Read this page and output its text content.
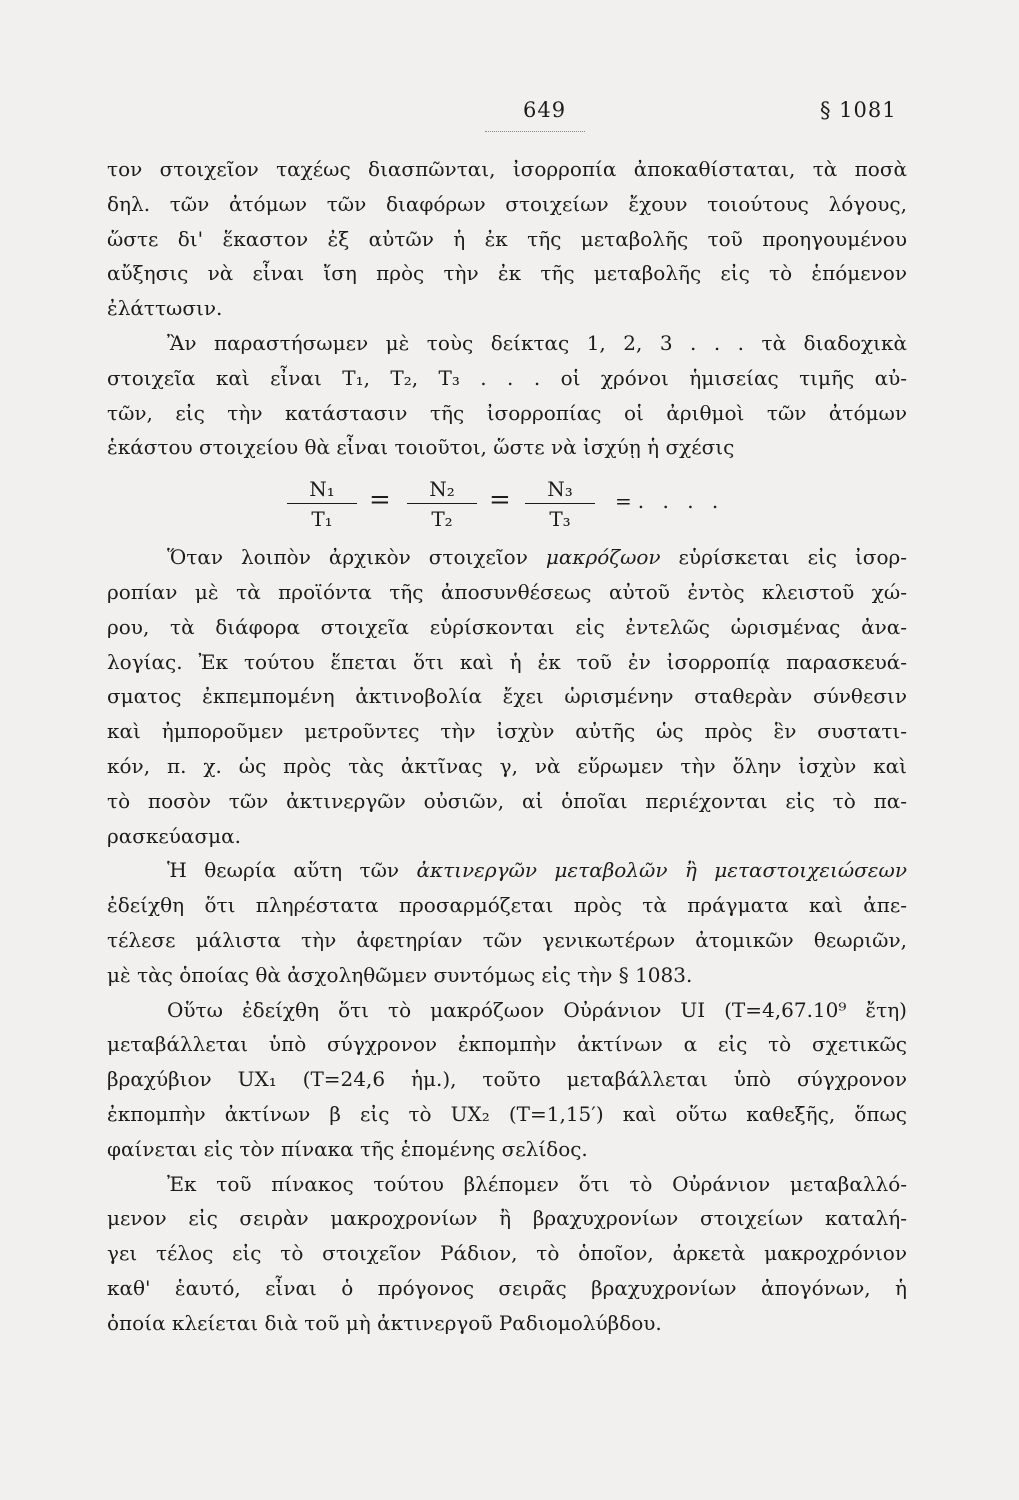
649	§ 1081
τον στοιχεῖον ταχέως διασπῶνται, ἰσορροπία ἀποκαθίσταται, τὰ ποσὰ
δηλ. τῶν ἀτόμων τῶν διαφόρων στοιχείων ἔχουν τοιούτους λόγους,
ὥστε δι' ἕκαστον ἐξ αὐτῶν ἡ ἐκ τῆς μεταβολῆς τοῦ προηγουμένου
αὔξησις νὰ εἶναι ἴση πρὸς τὴν ἐκ τῆς μεταβολῆς εἰς τὸ ἑπόμενον
ἐλάττωσιν.
Ἂν παραστήσωμεν μὲ τοὺς δείκτας 1, 2, 3 . . . τὰ διαδοχικὰ
στοιχεῖα καὶ εἶναι T₁, T₂, T₃ . . . οἱ χρόνοι ἡμισείας τιμῆς αὐ-
τῶν, εἰς τὴν κατάστασιν τῆς ἰσορροπίας οἱ ἀριθμοὶ τῶν ἀτόμων
ἑκάστου στοιχείου θὰ εἶναι τοιοῦτοι, ὥστε νὰ ἰσχύῃ ἡ σχέσις
$\frac{\text{N₁}}{\text{T₁}} = \frac{\text{N₂}}{\text{T₂}} = \frac{\text{N₃}}{\text{T₃}}$ =. . . .
Ὅταν λοιπὸν ἀρχικὸν στοιχεῖον μακρόζωον εὑρίσκεται εἰς ἰσορ-
ροπίαν μὲ τὰ προϊόντα τῆς ἀποσυνθέσεως αὐτοῦ ἐντὸς κλειστοῦ χώ-
ρου, τὰ διάφορα στοιχεῖα εὑρίσκονται εἰς ἐντελῶς ὡρισμένας ἀνα-
λογίας. Ἐκ τούτου ἕπεται ὅτι καὶ ἡ ἐκ τοῦ ἐν ἰσορροπίᾳ παρασκευά-
σματος ἐκπεμπομένη ἀκτινοβολία ἔχει ὡρισμένην σταθερὰν σύνθεσιν
καὶ ἠμποροῦμεν μετροῦντες τὴν ἰσχὺν αὐτῆς ὡς πρὸς ἓν συστατι-
κόν, π. χ. ὡς πρὸς τὰς ἀκτῖνας γ, νὰ εὕρωμεν τὴν ὅλην ἰσχὺν καὶ
τὸ ποσὸν τῶν ἀκτινεργῶν οὐσιῶν, αἱ ὁποῖαι περιέχονται εἰς τὸ πα-
ρασκεύασμα.
Ἡ θεωρία αὕτη τῶν ἀκτινεργῶν μεταβολῶν ἢ μεταστοιχειώσεων
ἐδείχθη ὅτι πληρέστατα προσαρμόζεται πρὸς τὰ πράγματα καὶ ἀπε-
τέλεσε μάλιστα τὴν ἀφετηρίαν τῶν γενικωτέρων ἀτομικῶν θεωριῶν,
μὲ τὰς ὁποίας θὰ ἀσχοληθῶμεν συντόμως εἰς τὴν § 1083.
Οὕτω ἐδείχθη ὅτι τὸ μακρόζωον Οὐράνιον UI (T=4,67.10⁹ ἔτη)
μεταβάλλεται ὑπὸ σύγχρονον ἐκπομπὴν ἀκτίνων α εἰς τὸ σχετικῶς
βραχύβιον UX₁ (T=24,6 ἡμ.), τοῦτο μεταβάλλεται ὑπὸ σύγχρονον
ἐκπομπὴν ἀκτίνων β εἰς τὸ UX₂ (T=1,15′) καὶ οὕτω καθεξῆς, ὅπως
φαίνεται εἰς τὸν πίνακα τῆς ἑπομένης σελίδος.
Ἐκ τοῦ πίνακος τούτου βλέπομεν ὅτι τὸ Οὐράνιον μεταβαλλό-
μενον εἰς σειρὰν μακροχρονίων ἢ βραχυχρονίων στοιχείων καταλή-
γει τέλος εἰς τὸ στοιχεῖον Ράδιον, τὸ ὁποῖον, ἀρκετὰ μακροχρόνιον
καθ' ἑαυτό, εἶναι ὁ πρόγονος σειρᾶς βραχυχρονίων ἀπογόνων, ἡ
ὁποία κλείεται διὰ τοῦ μὴ ἀκτινεργοῦ Ραδιομολύβδου.
